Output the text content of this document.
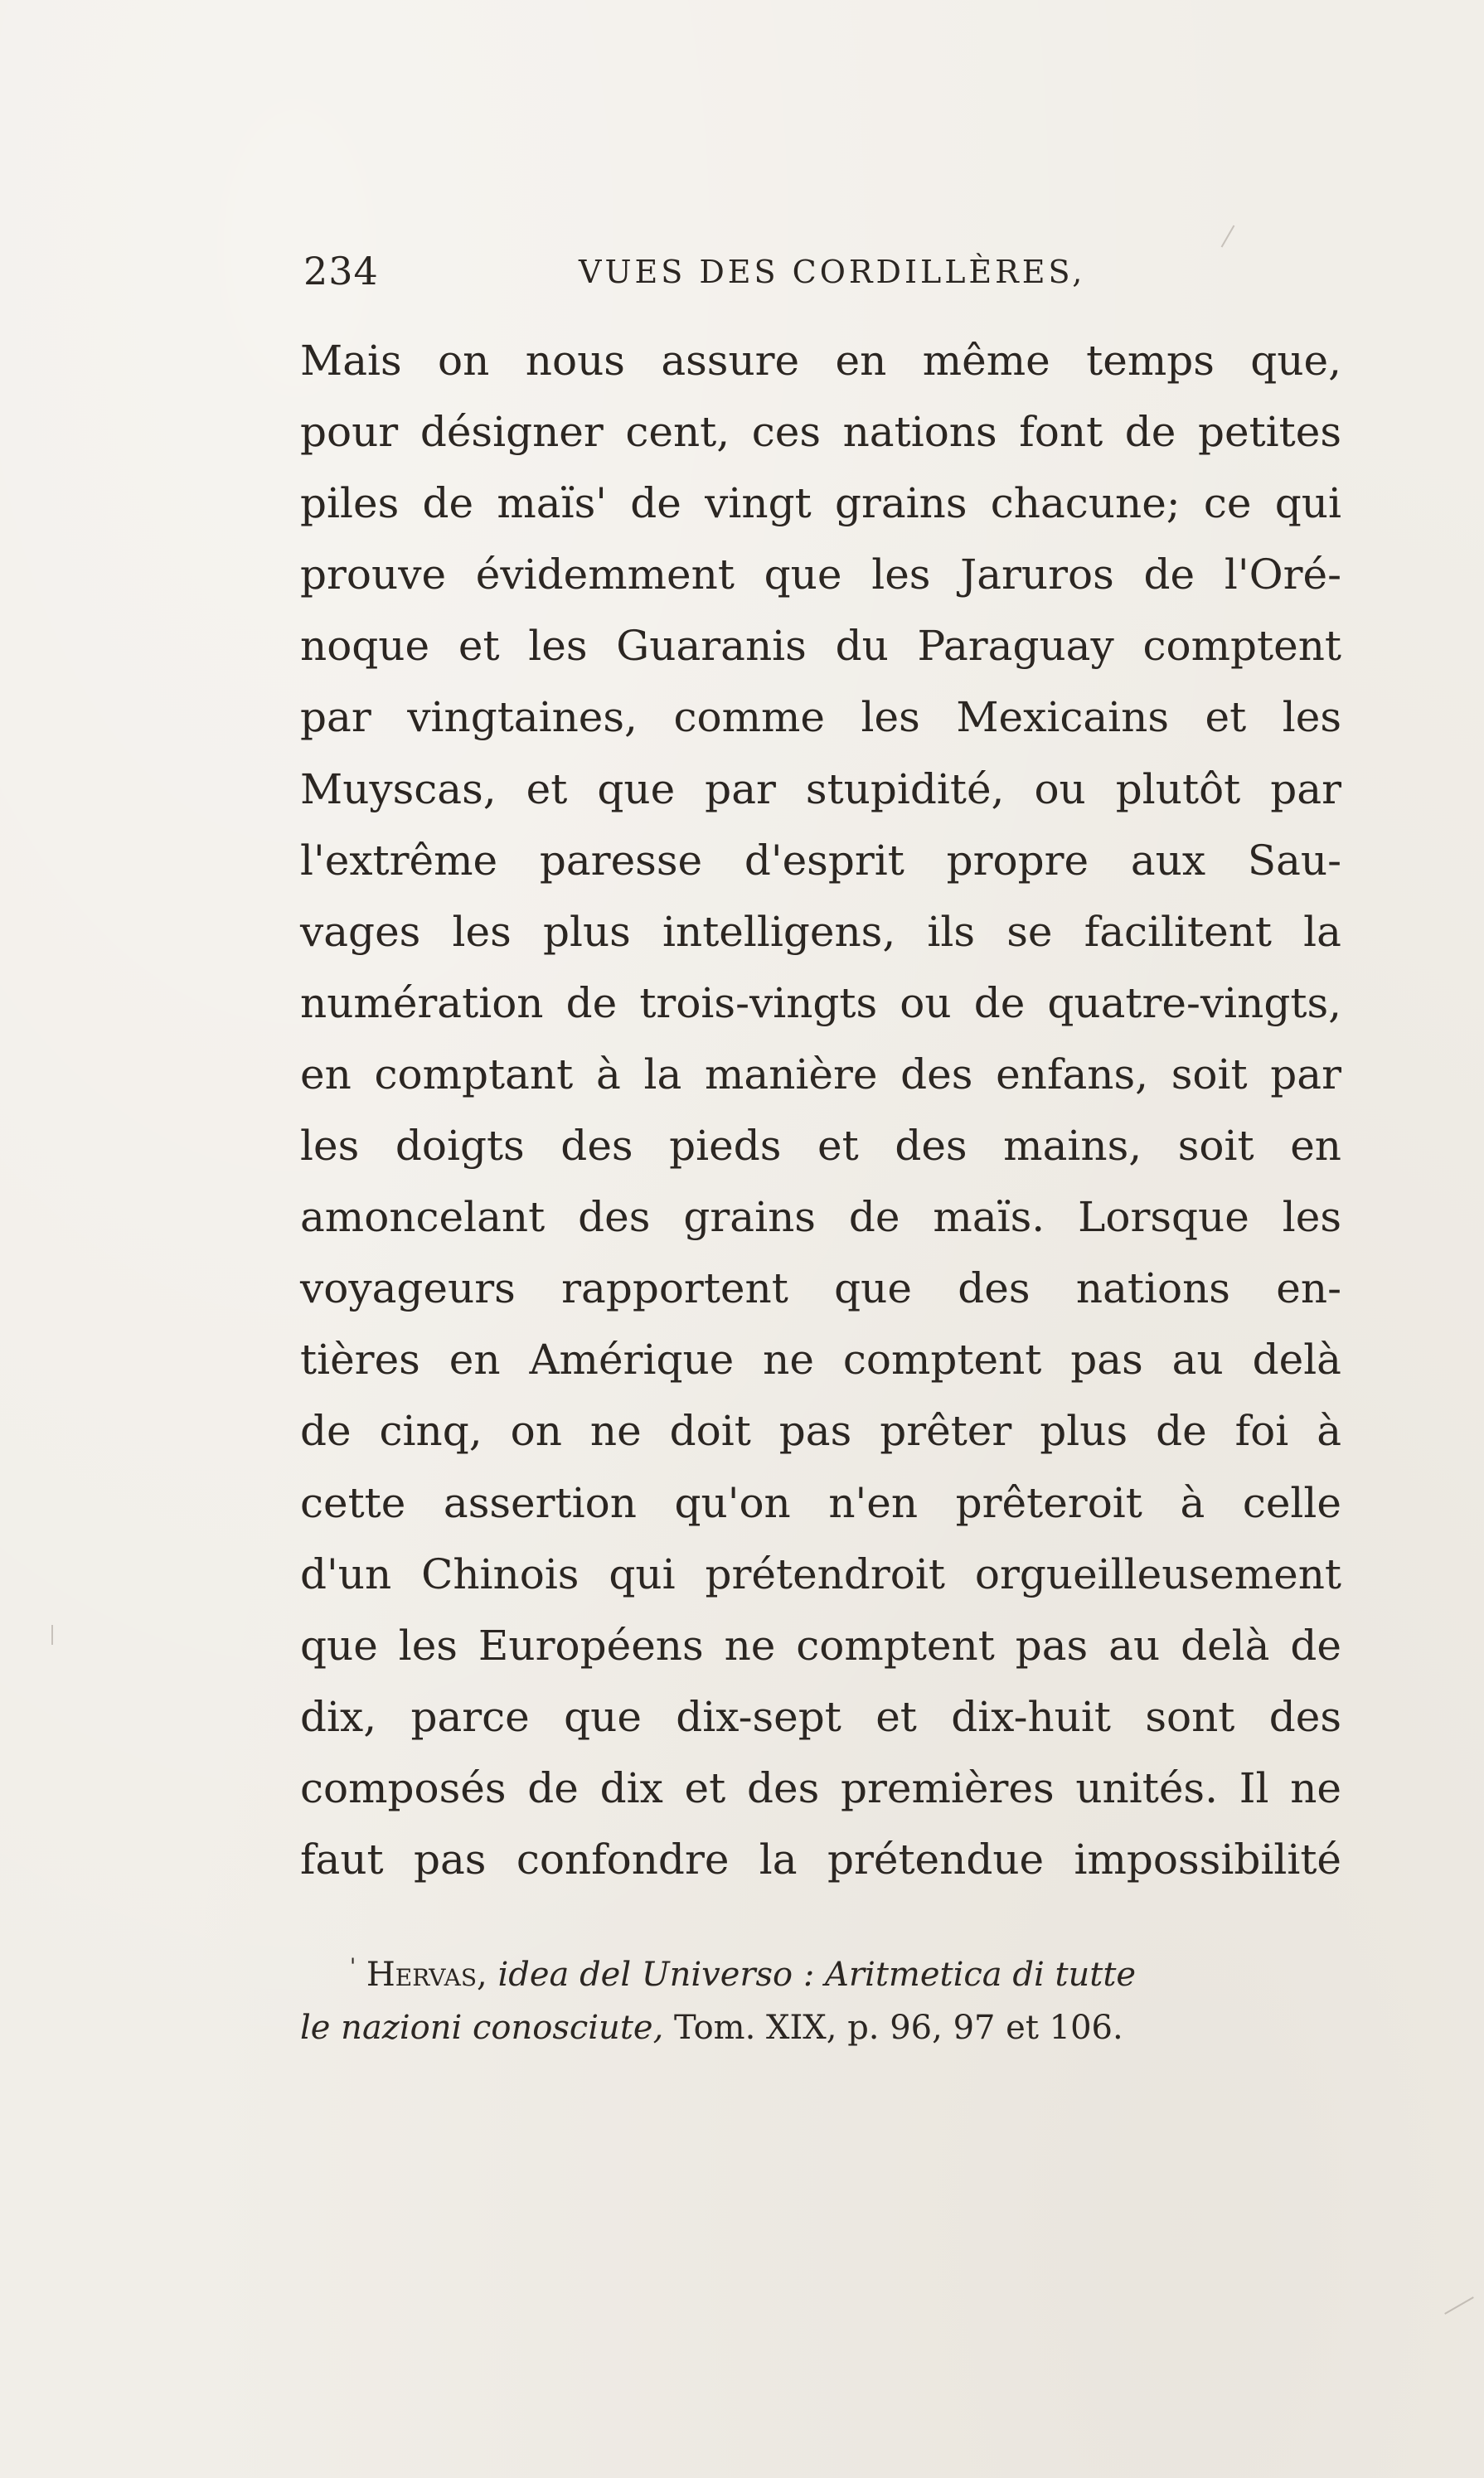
234	VUES DES CORDILLÈRES,
Mais on nous assure en même temps que,
pour désigner cent, ces nations font de petites
piles de maïs' de vingt grains chacune; ce qui
prouve évidemment que les Jaruros de l'Oré-
noque et les Guaranis du Paraguay comptent
par vingtaines, comme les Mexicains et les
Muyscas, et que par stupidité, ou plutôt par
l'extrême paresse d'esprit propre aux Sau-
vages les plus intelligens, ils se facilitent la
numération de trois-vingts ou de quatre-vingts,
en comptant à la manière des enfans, soit par
les doigts des pieds et des mains, soit en
amoncelant des grains de maïs. Lorsque les
voyageurs rapportent que des nations en-
tières en Amérique ne comptent pas au delà
de cinq, on ne doit pas prêter plus de foi à
cette assertion qu'on n'en prêteroit à celle
d'un Chinois qui prétendroit orgueilleusement
que les Européens ne comptent pas au delà de
dix, parce que dix-sept et dix-huit sont des
composés de dix et des premières unités. Il ne
faut pas confondre la prétendue impossibilité
' Hervas, idea del Universo : Aritmetica di tutte
le nazioni conosciute, Tom. XIX, p. 96, 97 et 106.
